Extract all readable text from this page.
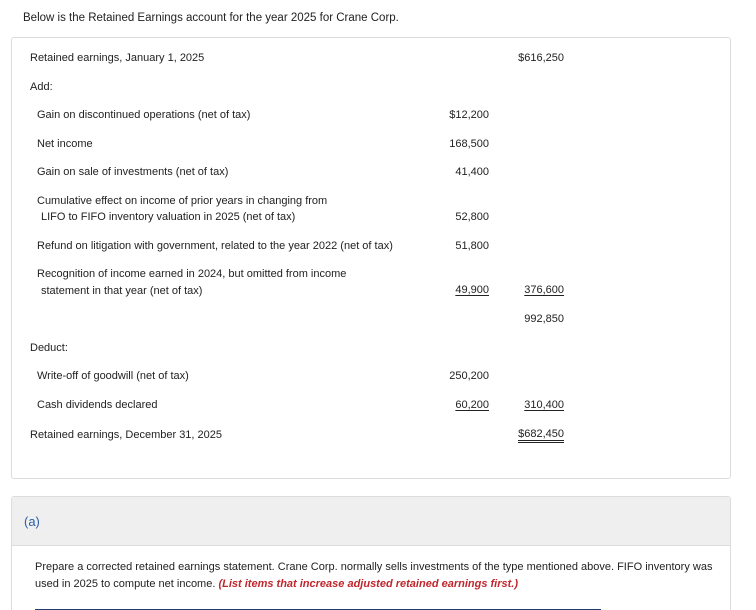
Below is the Retained Earnings account for the year 2025 for Crane Corp.
Retained earnings, January 1, 2025	$616,250
Add:
Gain on discontinued operations (net of tax)	$12,200
Net income	168,500
Gain on sale of investments (net of tax)	41,400
Cumulative effect on income of prior years in changing from
LIFO to FIFO inventory valuation in 2025 (net of tax)	52,800
Refund on litigation with government, related to the year 2022 (net of tax)	51,800
Recognition of income earned in 2024, but omitted from income
statement in that year (net of tax)	49,900	376,600
992,850
Deduct:
Write-off of goodwill (net of tax)	250,200
Cash dividends declared	60,200	310,400
Retained earnings, December 31, 2025	$682,450
(a)
Prepare a corrected retained earnings statement. Crane Corp. normally sells investments of the type mentioned above. FIFO inventory was used in 2025 to compute net income. (List items that increase adjusted retained earnings first.)
